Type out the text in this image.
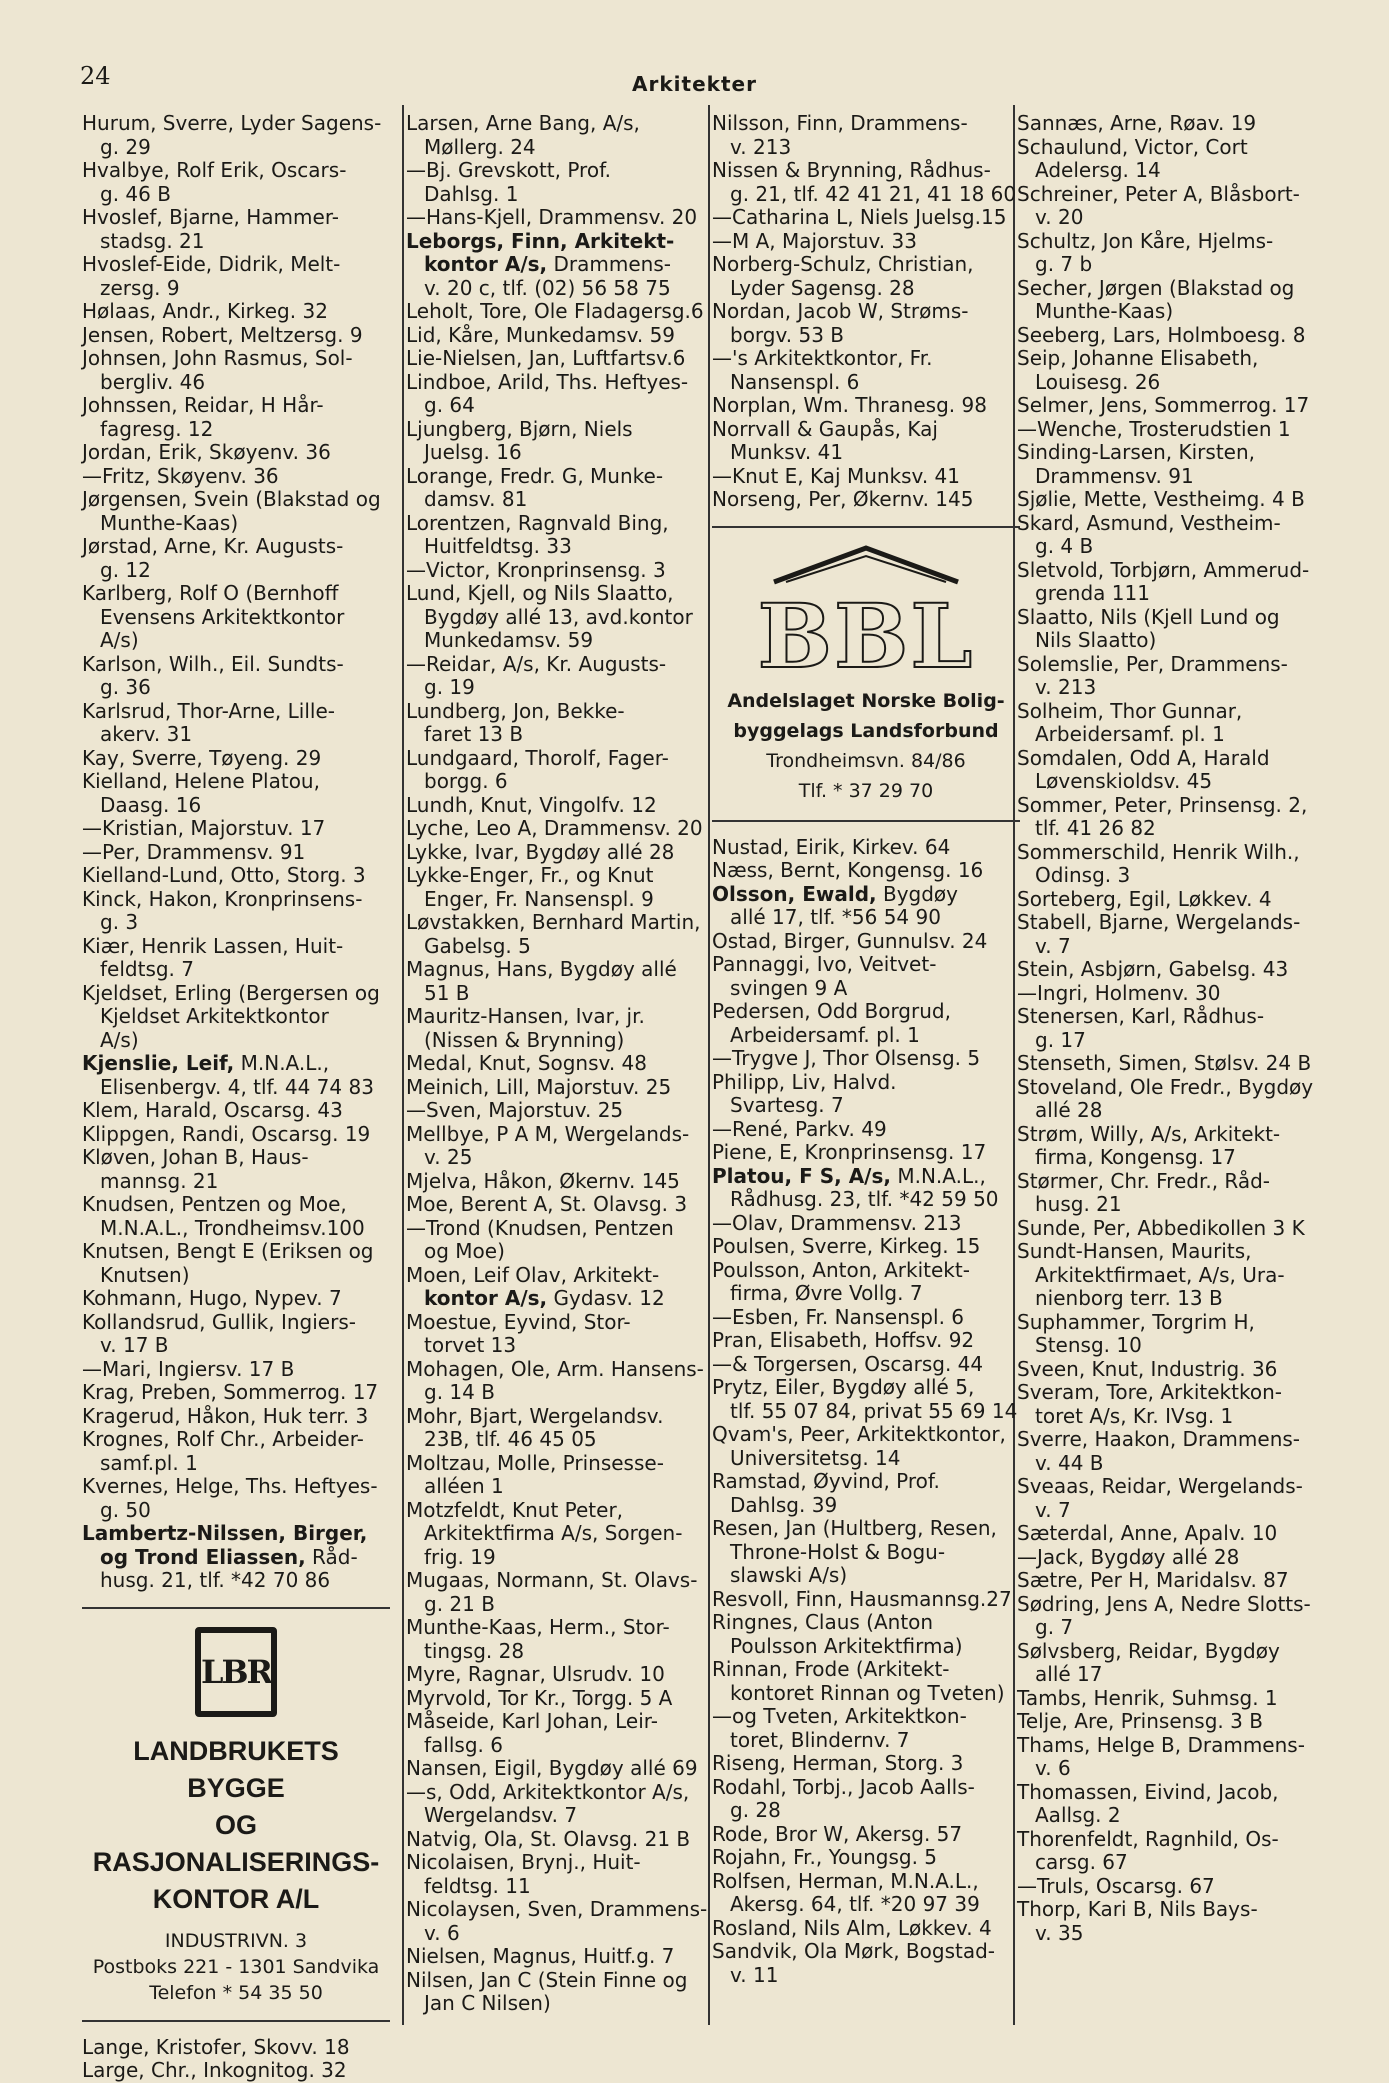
24	Arkitekter
Hurum, Sverre, Lyder Sagens-

g. 29
Hvalbye, Rolf Erik, Oscars-

g. 46 B
Hvoslef, Bjarne, Hammer-

stadsg. 21
Hvoslef-Eide, Didrik, Melt-

zersg. 9
Hølaas, Andr., Kirkeg. 32
Jensen, Robert, Meltzersg. 9
Johnsen, John Rasmus, Sol-

bergliv. 46
Johnssen, Reidar, H Hår-

fagresg. 12
Jordan, Erik, Skøyenv. 36
—Fritz, Skøyenv. 36
Jørgensen, Svein (Blakstad og

Munthe-Kaas)
Jørstad, Arne, Kr. Augusts-

g. 12
Karlberg, Rolf O (Bernhoff

Evensens Arkitektkontor
A/s)
Karlson, Wilh., Eil. Sundts-

g. 36
Karlsrud, Thor-Arne, Lille-

akerv. 31
Kay, Sverre, Tøyeng. 29
Kielland, Helene Platou,

Daasg. 16
—Kristian, Majorstuv. 17
—Per, Drammensv. 91
Kielland-Lund, Otto, Storg. 3
Kinck, Hakon, Kronprinsens-

g. 3
Kiær, Henrik Lassen, Huit-

feldtsg. 7
Kjeldset, Erling (Bergersen og

Kjeldset Arkitektkontor
A/s)
Kjenslie, Leif, M.N.A.L.,

Elisenbergv. 4, tlf. 44 74 83
Klem, Harald, Oscarsg. 43
Klippgen, Randi, Oscarsg. 19
Kløven, Johan B, Haus-

mannsg. 21
Knudsen, Pentzen og Moe,

M.N.A.L., Trondheimsv.100
Knutsen, Bengt E (Eriksen og

Knutsen)
Kohmann, Hugo, Nypev. 7
Kollandsrud, Gullik, Ingiers-

v. 17 B
—Mari, Ingiersv. 17 B
Krag, Preben, Sommerrog. 17
Kragerud, Håkon, Huk terr. 3
Krognes, Rolf Chr., Arbeider-

samf.pl. 1
Kvernes, Helge, Ths. Heftyes-

g. 50
Lambertz-Nilssen, Birger,

og Trond Eliassen, Råd-
husg. 21, tlf. *42 70 86
LBR
LANDBRUKETS BYGGE
OG RASJONALISERINGS-
KONTOR A/L
INDUSTRIVN. 3
Postboks 221 - 1301 Sandvika
Telefon * 54 35 50
Lange, Kristofer, Skovv. 18
Large, Chr., Inkognitog. 32
Larsen, Arne Bang, A/s,

Møllerg. 24
—Bj. Grevskott, Prof.

Dahlsg. 1
—Hans-Kjell, Drammensv. 20
Leborgs, Finn, Arkitekt-

kontor A/s, Drammens-
v. 20 c, tlf. (02) 56 58 75
Leholt, Tore, Ole Fladagersg.6
Lid, Kåre, Munkedamsv. 59
Lie-Nielsen, Jan, Luftfartsv.6
Lindboe, Arild, Ths. Heftyes-

g. 64
Ljungberg, Bjørn, Niels

Juelsg. 16
Lorange, Fredr. G, Munke-

damsv. 81
Lorentzen, Ragnvald Bing,

Huitfeldtsg. 33
—Victor, Kronprinsensg. 3
Lund, Kjell, og Nils Slaatto,

Bygdøy allé 13, avd.kontor
Munkedamsv. 59
—Reidar, A/s, Kr. Augusts-

g. 19
Lundberg, Jon, Bekke-

faret 13 B
Lundgaard, Thorolf, Fager-

borgg. 6
Lundh, Knut, Vingolfv. 12
Lyche, Leo A, Drammensv. 20
Lykke, Ivar, Bygdøy allé 28
Lykke-Enger, Fr., og Knut

Enger, Fr. Nansenspl. 9
Løvstakken, Bernhard Martin,

Gabelsg. 5
Magnus, Hans, Bygdøy allé

51 B
Mauritz-Hansen, Ivar, jr.

(Nissen & Brynning)
Medal, Knut, Sognsv. 48
Meinich, Lill, Majorstuv. 25
—Sven, Majorstuv. 25
Mellbye, P A M, Wergelands-

v. 25
Mjelva, Håkon, Økernv. 145
Moe, Berent A, St. Olavsg. 3
—Trond (Knudsen, Pentzen

og Moe)
Moen, Leif Olav, Arkitekt-

kontor A/s, Gydasv. 12
Moestue, Eyvind, Stor-

torvet 13
Mohagen, Ole, Arm. Hansens-

g. 14 B
Mohr, Bjart, Wergelandsv.

23B, tlf. 46 45 05
Moltzau, Molle, Prinsesse-

alléen 1
Motzfeldt, Knut Peter,

Arkitektfirma A/s, Sorgen-
frig. 19
Mugaas, Normann, St. Olavs-

g. 21 B
Munthe-Kaas, Herm., Stor-

tingsg. 28
Myre, Ragnar, Ulsrudv. 10
Myrvold, Tor Kr., Torgg. 5 A
Måseide, Karl Johan, Leir-

fallsg. 6
Nansen, Eigil, Bygdøy allé 69
—s, Odd, Arkitektkontor A/s,

Wergelandsv. 7
Natvig, Ola, St. Olavsg. 21 B
Nicolaisen, Brynj., Huit-

feldtsg. 11
Nicolaysen, Sven, Drammens-

v. 6
Nielsen, Magnus, Huitf.g. 7
Nilsen, Jan C (Stein Finne og

Jan C Nilsen)
Nilsson, Finn, Drammens-

v. 213
Nissen & Brynning, Rådhus-

g. 21, tlf. 42 41 21, 41 18 60
—Catharina L, Niels Juelsg.15
—M A, Majorstuv. 33
Norberg-Schulz, Christian,

Lyder Sagensg. 28
Nordan, Jacob W, Strøms-

borgv. 53 B
—'s Arkitektkontor, Fr.

Nansenspl. 6
Norplan, Wm. Thranesg. 98
Norrvall & Gaupås, Kaj

Munksv. 41
—Knut E, Kaj Munksv. 41
Norseng, Per, Økernv. 145
BBL
Andelslaget Norske Bolig-
byggelags Landsforbund
Trondheimsvn. 84/86
Tlf. * 37 29 70
Nustad, Eirik, Kirkev. 64
Næss, Bernt, Kongensg. 16
Olsson, Ewald, Bygdøy

allé 17, tlf. *56 54 90
Ostad, Birger, Gunnulsv. 24
Pannaggi, Ivo, Veitvet-

svingen 9 A
Pedersen, Odd Borgrud,

Arbeidersamf. pl. 1
—Trygve J, Thor Olsensg. 5
Philipp, Liv, Halvd.

Svartesg. 7
—René, Parkv. 49
Piene, E, Kronprinsensg. 17
Platou, F S, A/s, M.N.A.L.,

Rådhusg. 23, tlf. *42 59 50
—Olav, Drammensv. 213
Poulsen, Sverre, Kirkeg. 15
Poulsson, Anton, Arkitekt-

firma, Øvre Vollg. 7
—Esben, Fr. Nansenspl. 6
Pran, Elisabeth, Hoffsv. 92
—& Torgersen, Oscarsg. 44
Prytz, Eiler, Bygdøy allé 5,

tlf. 55 07 84, privat 55 69 14
Qvam's, Peer, Arkitektkontor,

Universitetsg. 14
Ramstad, Øyvind, Prof.

Dahlsg. 39
Resen, Jan (Hultberg, Resen,

Throne-Holst & Bogu-
slawski A/s)
Resvoll, Finn, Hausmannsg.27
Ringnes, Claus (Anton

Poulsson Arkitektfirma)
Rinnan, Frode (Arkitekt-

kontoret Rinnan og Tveten)
—og Tveten, Arkitektkon-

toret, Blindernv. 7
Riseng, Herman, Storg. 3
Rodahl, Torbj., Jacob Aalls-

g. 28
Rode, Bror W, Akersg. 57
Rojahn, Fr., Youngsg. 5
Rolfsen, Herman, M.N.A.L.,

Akersg. 64, tlf. *20 97 39
Rosland, Nils Alm, Løkkev. 4
Sandvik, Ola Mørk, Bogstad-

v. 11
Sannæs, Arne, Røav. 19
Schaulund, Victor, Cort

Adelersg. 14
Schreiner, Peter A, Blåsbort-

v. 20
Schultz, Jon Kåre, Hjelms-

g. 7 b
Secher, Jørgen (Blakstad og

Munthe-Kaas)
Seeberg, Lars, Holmboesg. 8
Seip, Johanne Elisabeth,

Louisesg. 26
Selmer, Jens, Sommerrog. 17
—Wenche, Trosterudstien 1
Sinding-Larsen, Kirsten,

Drammensv. 91
Sjølie, Mette, Vestheimg. 4 B
Skard, Asmund, Vestheim-

g. 4 B
Sletvold, Torbjørn, Ammerud-

grenda 111
Slaatto, Nils (Kjell Lund og

Nils Slaatto)
Solemslie, Per, Drammens-

v. 213
Solheim, Thor Gunnar,

Arbeidersamf. pl. 1
Somdalen, Odd A, Harald

Løvenskioldsv. 45
Sommer, Peter, Prinsensg. 2,

tlf. 41 26 82
Sommerschild, Henrik Wilh.,

Odinsg. 3
Sorteberg, Egil, Løkkev. 4
Stabell, Bjarne, Wergelands-

v. 7
Stein, Asbjørn, Gabelsg. 43
—Ingri, Holmenv. 30
Stenersen, Karl, Rådhus-

g. 17
Stenseth, Simen, Stølsv. 24 B
Stoveland, Ole Fredr., Bygdøy

allé 28
Strøm, Willy, A/s, Arkitekt-

firma, Kongensg. 17
Størmer, Chr. Fredr., Råd-

husg. 21
Sunde, Per, Abbedikollen 3 K
Sundt-Hansen, Maurits,

Arkitektfirmaet, A/s, Ura-
nienborg terr. 13 B
Suphammer, Torgrim H,

Stensg. 10
Sveen, Knut, Industrig. 36
Sveram, Tore, Arkitektkon-

toret A/s, Kr. IVsg. 1
Sverre, Haakon, Drammens-

v. 44 B
Sveaas, Reidar, Wergelands-

v. 7
Sæterdal, Anne, Apalv. 10
—Jack, Bygdøy allé 28
Sætre, Per H, Maridalsv. 87
Sødring, Jens A, Nedre Slotts-

g. 7
Sølvsberg, Reidar, Bygdøy

allé 17
Tambs, Henrik, Suhmsg. 1
Telje, Are, Prinsensg. 3 B
Thams, Helge B, Drammens-

v. 6
Thomassen, Eivind, Jacob,

Aallsg. 2
Thorenfeldt, Ragnhild, Os-

carsg. 67
—Truls, Oscarsg. 67
Thorp, Kari B, Nils Bays-

v. 35
